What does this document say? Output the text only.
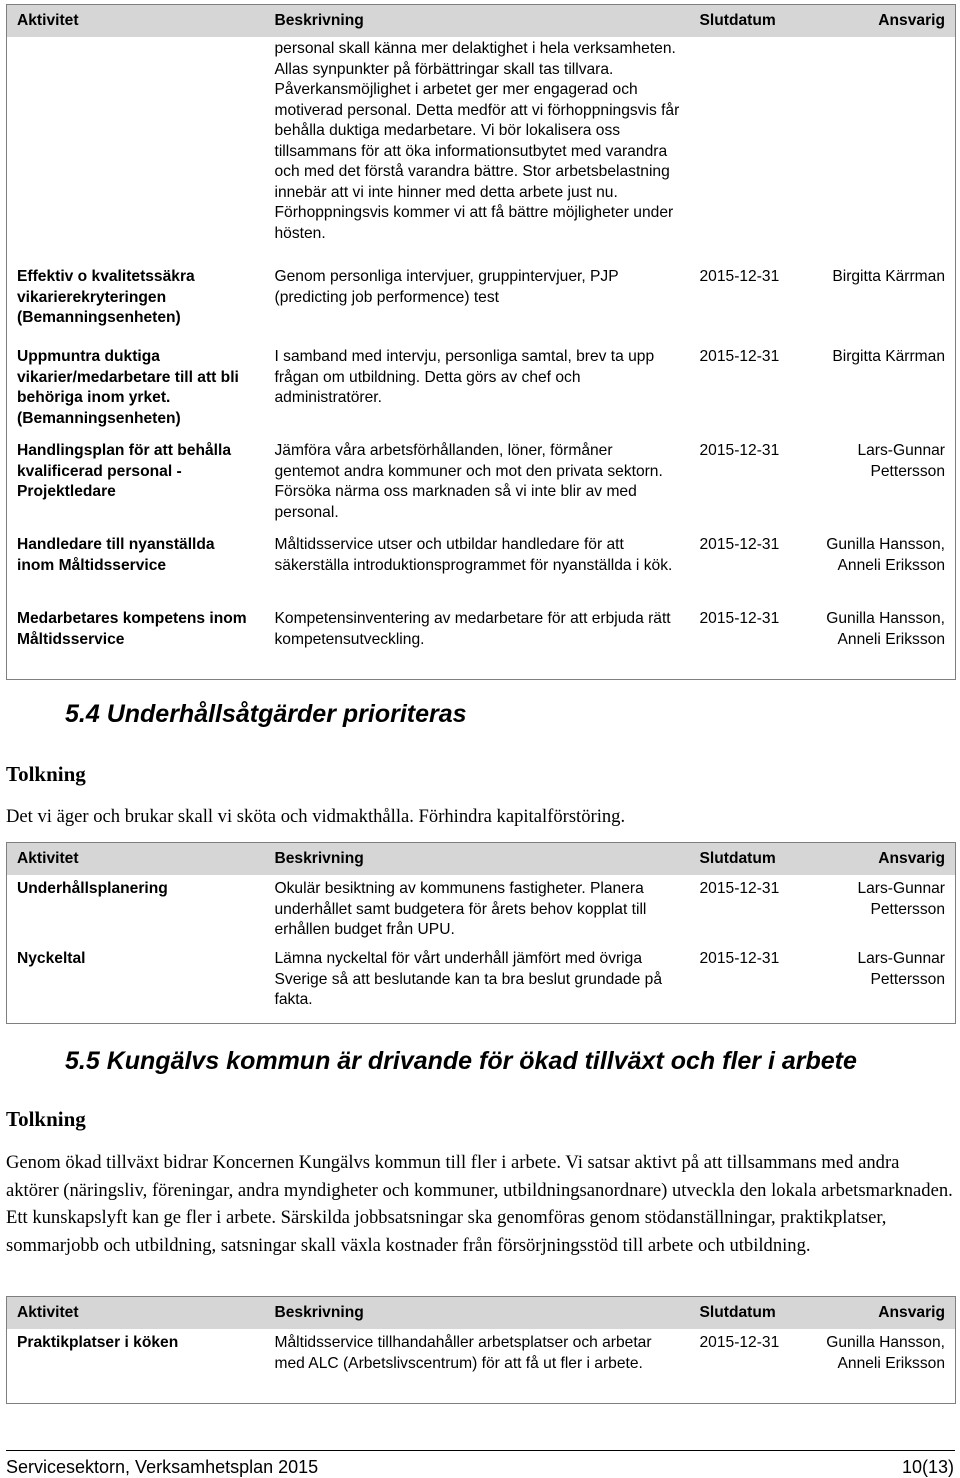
Aktivitet	Beskrivning	Slutdatum	Ansvarig
	personal skall känna mer delaktighet i hela verksamheten. Allas synpunkter på förbättringar skall tas tillvara. Påverkansmöjlighet i arbetet ger mer engagerad och motiverad personal. Detta medför att vi förhoppningsvis får behålla duktiga medarbetare. Vi bör lokalisera oss tillsammans för att öka informationsutbytet med varandra och med det förstå varandra bättre. Stor arbetsbelastning innebär att vi inte hinner med detta arbete just nu. Förhoppningsvis kommer vi att få bättre möjligheter under hösten.		
Effektiv o kvalitetssäkra vikarierekryteringen (Bemanningsenheten)	Genom personliga intervjuer, gruppintervjuer, PJP (predicting job performence) test	2015-12-31	Birgitta Kärrman
Uppmuntra duktiga vikarier/medarbetare till att bli behöriga inom yrket. (Bemanningsenheten)	I samband med intervju, personliga samtal, brev ta upp frågan om utbildning. Detta görs av chef och administratörer.	2015-12-31	Birgitta Kärrman
Handlingsplan för att behålla kvalificerad personal - Projektledare	Jämföra våra arbetsförhållanden, löner, förmåner gentemot andra kommuner och mot den privata sektorn. Försöka närma oss marknaden så vi inte blir av med personal.	2015-12-31	Lars-Gunnar Pettersson
Handledare till nyanställda inom Måltidsservice	Måltidsservice utser och utbildar handledare för att säkerställa introduktionsprogrammet för nyanställda i kök.	2015-12-31	Gunilla Hansson, Anneli Eriksson
Medarbetares kompetens inom Måltidsservice	Kompetensinventering av medarbetare för att erbjuda rätt kompetensutveckling.	2015-12-31	Gunilla Hansson, Anneli Eriksson
5.4 Underhållsåtgärder prioriteras
Tolkning

Det vi äger och brukar skall vi sköta och vidmakthålla. Förhindra kapitalförstöring.

Aktivitet	Beskrivning	Slutdatum	Ansvarig
Underhållsplanering	Okulär besiktning av kommunens fastigheter. Planera underhållet samt budgetera för årets behov kopplat till erhållen budget från UPU.	2015-12-31	Lars-Gunnar Pettersson
Nyckeltal	Lämna nyckeltal för vårt underhåll jämfört med övriga Sverige så att beslutande kan ta bra beslut grundade på fakta.	2015-12-31	Lars-Gunnar Pettersson
5.5 Kungälvs kommun är drivande för ökad tillväxt och fler i arbete
Tolkning

Genom ökad tillväxt bidrar Koncernen Kungälvs kommun till fler i arbete. Vi satsar aktivt på att tillsammans med andra aktörer (näringsliv, föreningar, andra myndigheter och kommuner, utbildningsanordnare) utveckla den lokala arbetsmarknaden. Ett kunskapslyft kan ge fler i arbete. Särskilda jobbsatsningar ska genomföras genom stödanställningar, praktikplatser, sommarjobb och utbildning, satsningar skall växla kostnader från försörjningsstöd till arbete och utbildning.

Aktivitet	Beskrivning	Slutdatum	Ansvarig
Praktikplatser i köken	Måltidsservice tillhandahåller arbetsplatser och arbetar med ALC (Arbetslivscentrum) för att få ut fler i arbete.	2015-12-31	Gunilla Hansson, Anneli Eriksson
Servicesektorn, Verksamhetsplan 2015	10(13)
